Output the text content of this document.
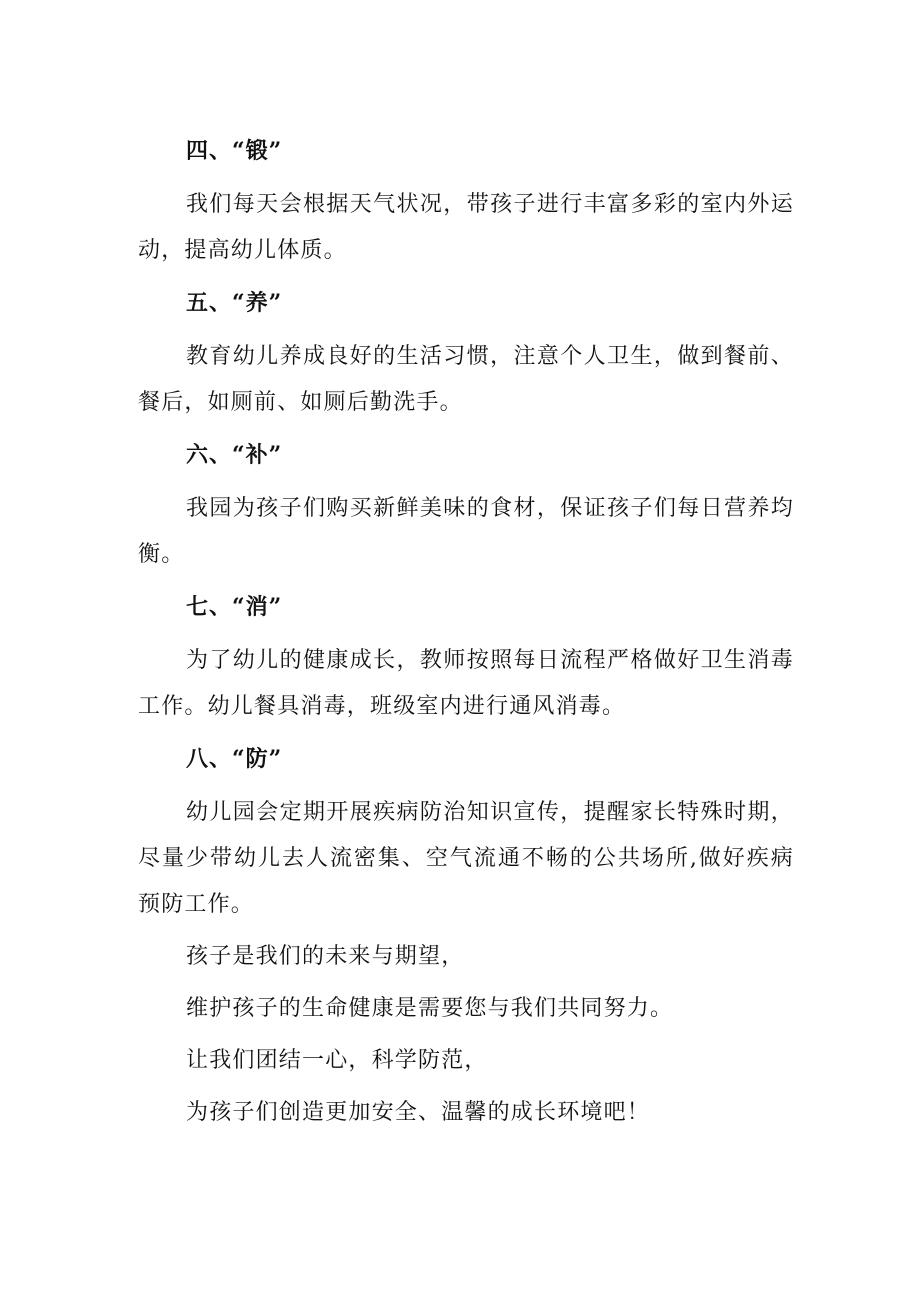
四、“锻”

我们每天会根据天气状况，带孩子进行丰富多彩的室内外运动，提高幼儿体质。

五、“养”

教育幼儿养成良好的生活习惯，注意个人卫生，做到餐前、餐后，如厕前、如厕后勤洗手。

六、“补”

我园为孩子们购买新鲜美味的食材，保证孩子们每日营养均衡。

七、“消”

为了幼儿的健康成长，教师按照每日流程严格做好卫生消毒工作。幼儿餐具消毒，班级室内进行通风消毒。

八、“防”

幼儿园会定期开展疾病防治知识宣传，提醒家长特殊时期，尽量少带幼儿去人流密集、空气流通不畅的公共场所,做好疾病预防工作。

孩子是我们的未来与期望，

维护孩子的生命健康是需要您与我们共同努力。

让我们团结一心，科学防范，

为孩子们创造更加安全、温馨的成长环境吧！
